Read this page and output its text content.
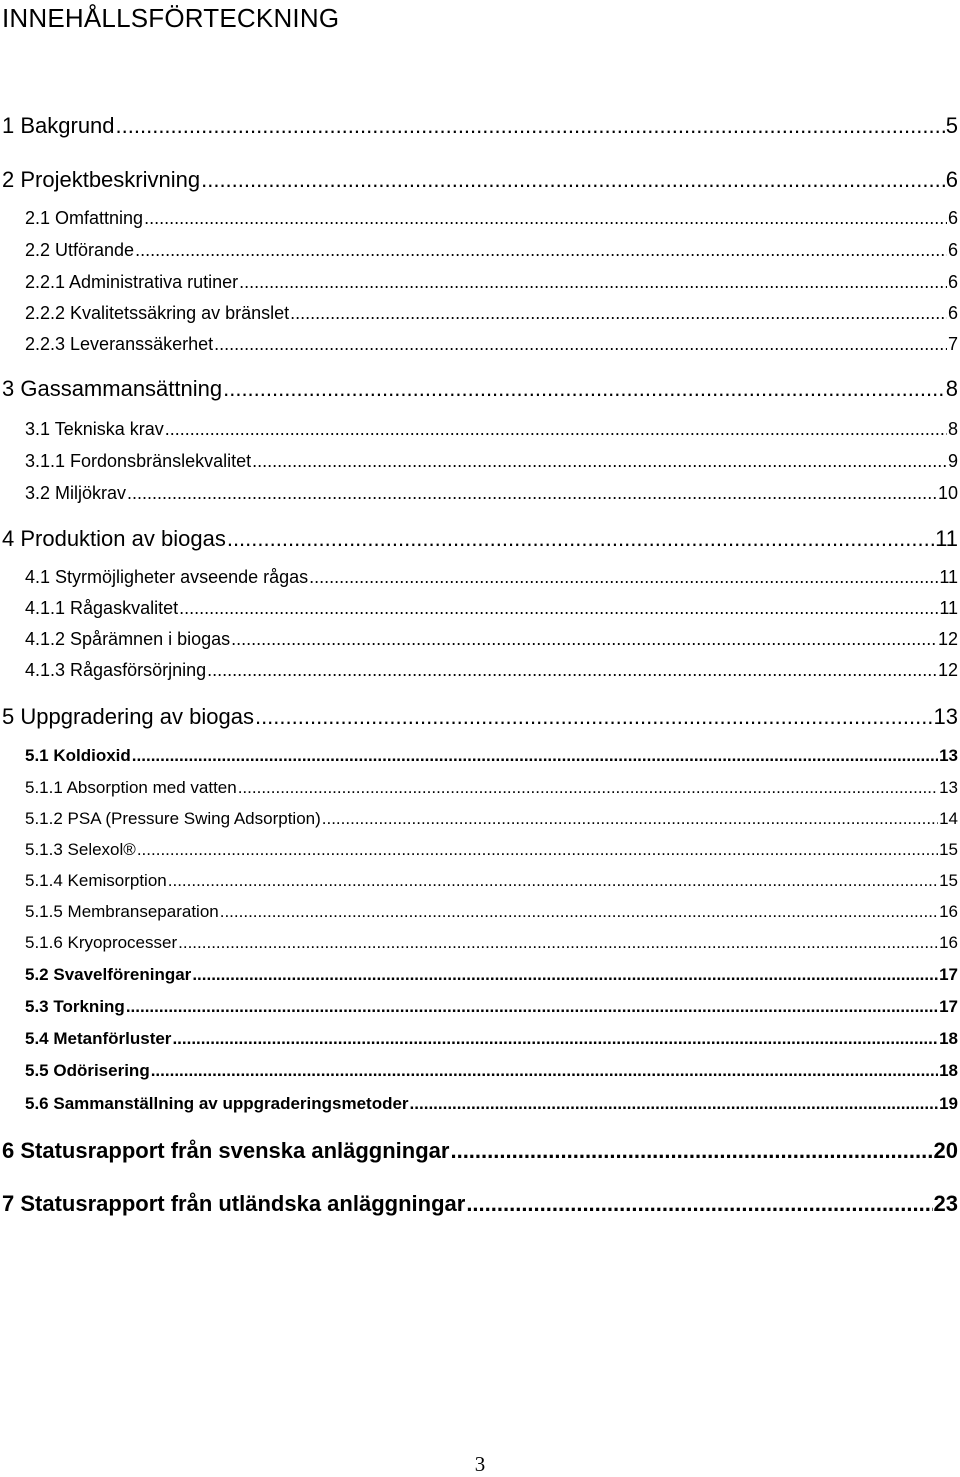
INNEHÅLLSFÖRTECKNING
1 Bakgrund .....	5
2 Projektbeskrivning .....	6
2.1 Omfattning .....	6
2.2 Utförande .....	6
2.2.1 Administrativa rutiner .....	6
2.2.2 Kvalitetssäkring av bränslet .....	6
2.2.3 Leveranssäkerhet .....	7
3 Gassammansättning .....	8
3.1 Tekniska krav .....	8
3.1.1 Fordonsbränslekvalitet .....	9
3.2 Miljökrav .....	10
4 Produktion av biogas .....	11
4.1 Styrmöjligheter avseende rågas .....	11
4.1.1 Rågaskvalitet .....	11
4.1.2 Spårämnen i biogas .....	12
4.1.3 Rågasförsörjning .....	12
5 Uppgradering av biogas .....	13
5.1 Koldioxid .....	13
5.1.1 Absorption med vatten .....	13
5.1.2 PSA (Pressure Swing Adsorption) .....	14
5.1.3 Selexol® .....	15
5.1.4 Kemisorption .....	15
5.1.5 Membranseparation .....	16
5.1.6 Kryoprocesser .....	16
5.2 Svavelföreningar .....	17
5.3 Torkning .....	17
5.4 Metanförluster .....	18
5.5 Odörisering .....	18
5.6 Sammanställning av uppgraderingsmetoder .....	19
6 Statusrapport från svenska anläggningar .....	20
7 Statusrapport från utländska anläggningar .....	23
3
